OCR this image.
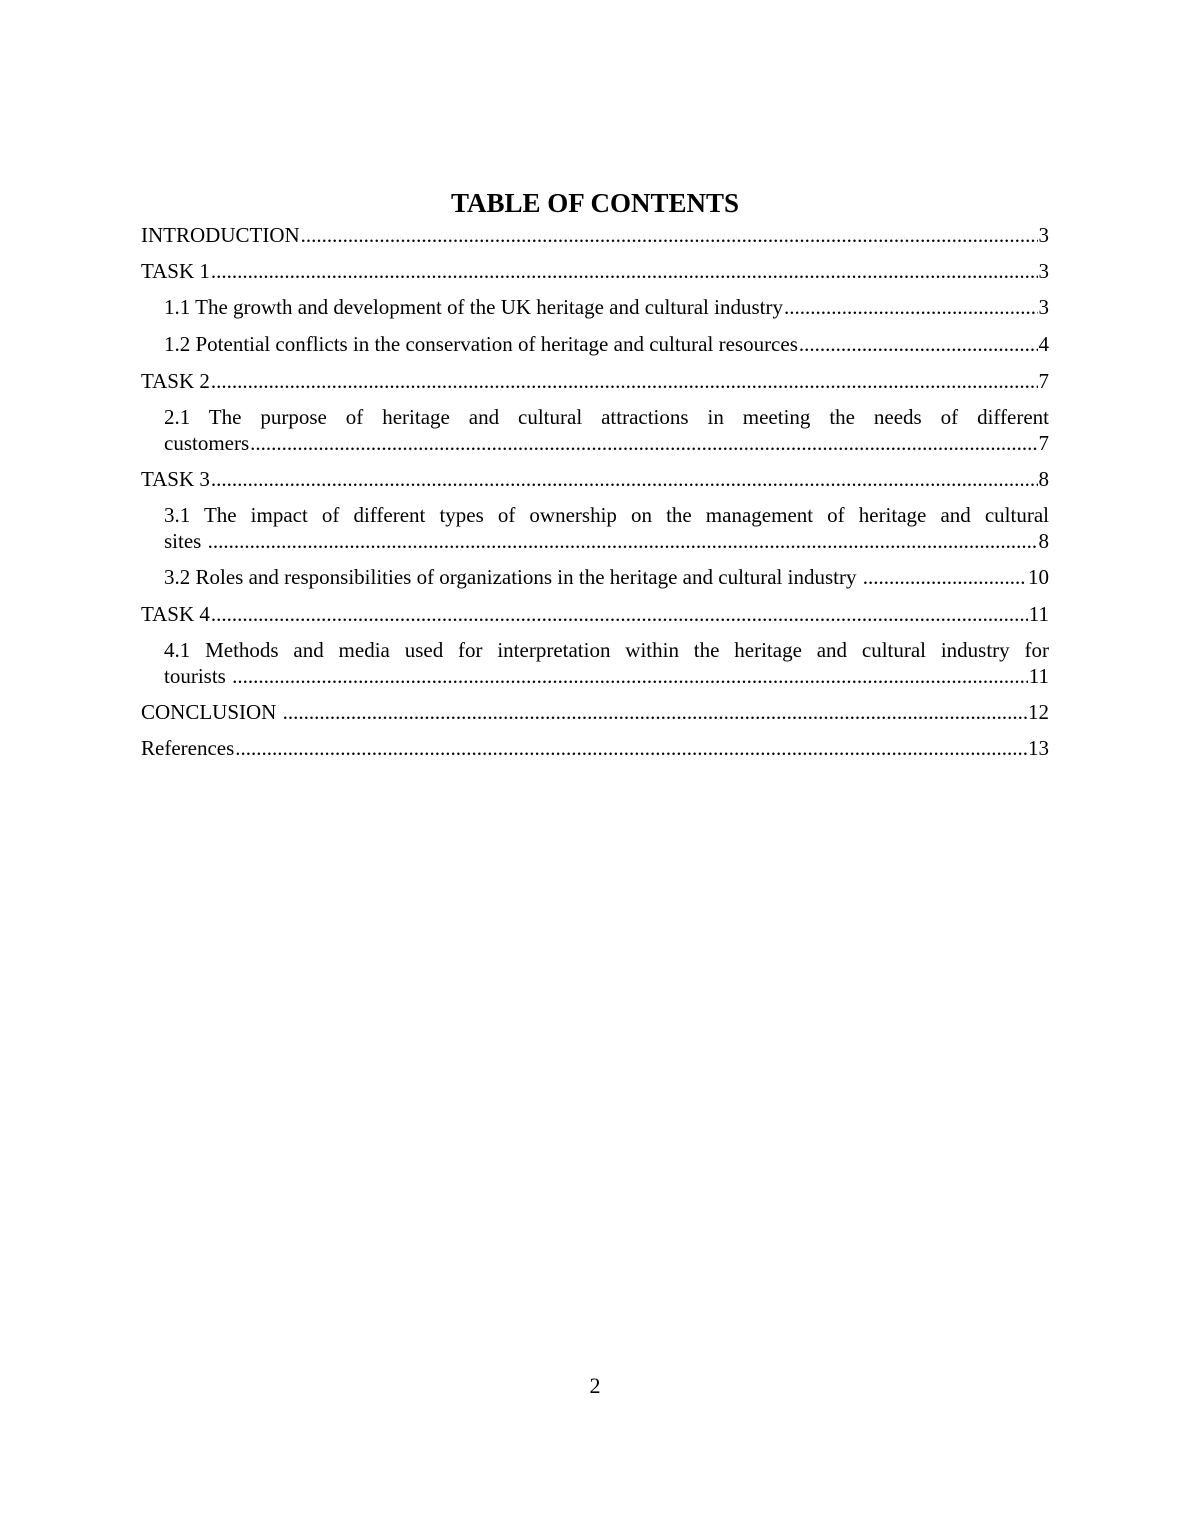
TABLE OF CONTENTS
INTRODUCTION .....	3
TASK 1 .....	3
1.1 The growth and development of the UK heritage and cultural industry .....	3
1.2 Potential conflicts in the conservation of heritage and cultural resources .....	4
TASK 2 .....	7
2.1 The purpose of heritage and cultural attractions in meeting the needs of different
customers .....	7
TASK 3 .....	8
3.1 The impact of different types of ownership on the management of heritage and cultural
sites .....	8
3.2 Roles and responsibilities of organizations in the heritage and cultural industry .....	10
TASK 4 .....	11
4.1 Methods and media used for interpretation within the heritage and cultural industry for
tourists .....	11
CONCLUSION .....	12
References .....	13
2
